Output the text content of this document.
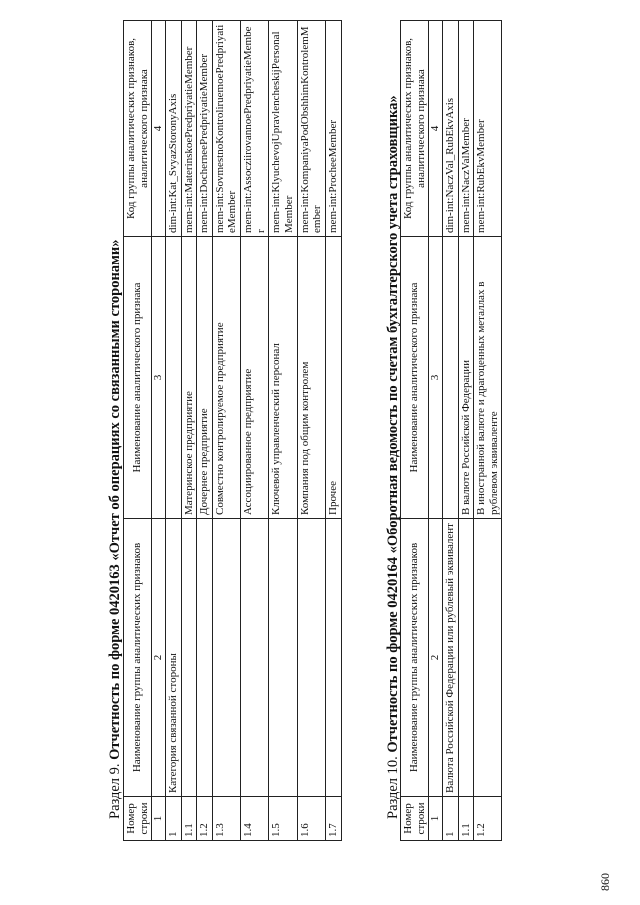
860
Раздел 9. Отчетность по форме 0420163 «Отчет об операциях со связанными сторонами»
Номер строки	Наименование группы аналитических признаков	Наименование аналитического признака	Код группы аналитических признаков, аналитического признака
1	2	3	4
1	Категория связанной стороны		dim-int:Kat_SvyazStoronyAxis
1.1		Материнское предприятие	mem-int:MaterinskoePredpriyatieMember
1.2		Дочернее предприятие	mem-int:DocherneePredpriyatieMember
1.3		Совместно контролируемое предприятие	mem-int:SovmestnoKontroliruemoePredpriyatieMember
1.4		Ассоциированное предприятие	mem-int:AssocziirovannoePredpriyatieMember
1.5		Ключевой управленческий персонал	mem-int:KlyuchevojUpravlencheskijPersonalMember
1.6		Компания под общим контролем	mem-int:KompaniyaPodObshhimKontrolemMember
1.7		Прочее	mem-int:ProcheeMember
Раздел 10. Отчетность по форме 0420164 «Оборотная ведомость по счетам бухгалтерского учета страховщика»
Номер строки	Наименование группы аналитических признаков	Наименование аналитического признака	Код группы аналитических признаков, аналитического признака
1	2	3	4
1	Валюта Российской Федерации или рублевый эквивалент		dim-int:NaczVal_RubEkvAxis
1.1		В валюте Российской Федерации	mem-int:NaczValMember
1.2		В иностранной валюте и драгоценных металлах в рублевом эквиваленте	mem-int:RubEkvMember
